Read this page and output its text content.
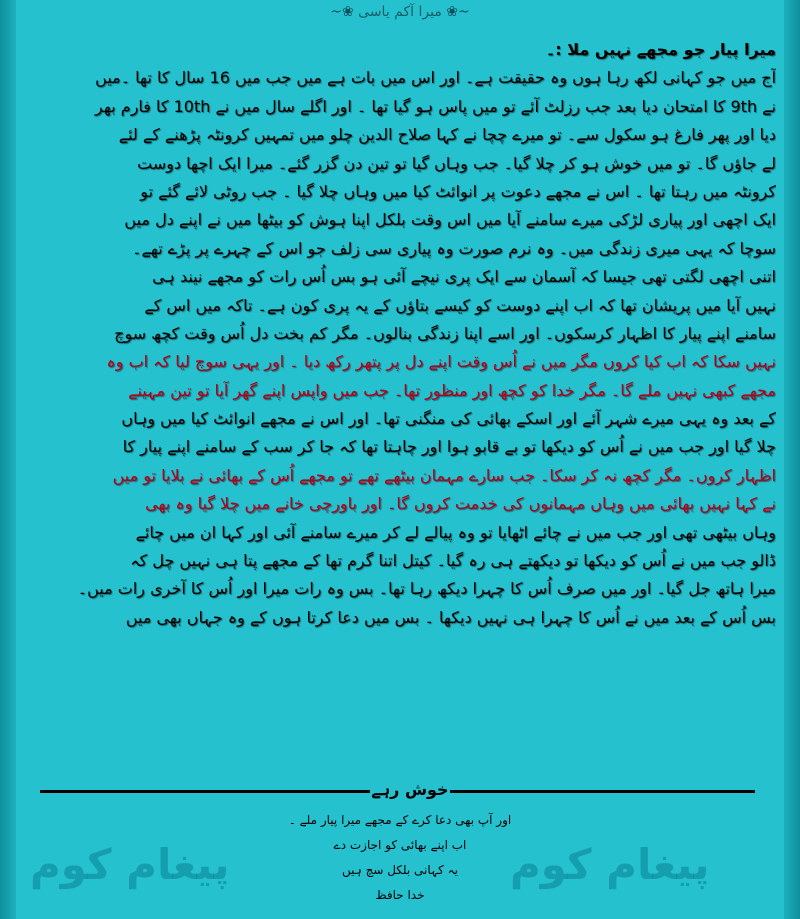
پیغام کوم	پیغام کوم
~❀ میرا آکم یاسی ❀~
میرا پیار جو مجھے نہیں ملا :۔
آج میں جو کہانی لکھ رہا ہوں وہ حقیقت ہے۔ اور اس میں بات ہے میں جب میں 16 سال کا تھا ۔میں
نے 9th کا امتحان دیا بعد جب رزلٹ آئے تو میں پاس ہو گیا تھا ۔ اور اگلے سال میں نے 10th کا فارم بھر
دیا اور پھر فارغ ہو سکول سے۔ تو میرے چچا نے کہا صلاح الدین چلو میں تمہیں کرونٹہ پڑھنے کے لئے
لے جاؤں گا۔ تو میں خوش ہو کر چلا گیا۔ جب وہاں گیا تو تین دن گزر گئے۔ میرا ایک اچھا دوست
کرونٹہ میں رہتا تھا ۔ اس نے مجھے دعوت پر انوائٹ کیا میں وہاں چلا گیا ۔ جب روٹی لائے گئے تو
ایک اچھی اور پیاری لڑکی میرے سامنے آیا میں اس وقت بلکل اپنا ہوش کو بیٹھا میں نے اپنے دل میں
سوچا کہ یہی میری زندگی میں۔ وہ نرم صورت وہ پیاری سی زلف جو اس کے چہرے پر پڑے تھے۔
اتنی اچھی لگتی تھی جیسا کہ آسمان سے ایک پری نیچے آئی ہو بس اُس رات کو مجھے نیند ہی
نہیں آیا میں پریشان تھا کہ اب اپنے دوست کو کیسے بتاؤں کے یہ پری کون ہے۔ تاکہ میں اس کے
سامنے اپنے پیار کا اظہار کرسکوں۔ اور اسے اپنا زندگی بنالوں۔ مگر کم بخت دل اُس وقت کچھ سوچ
نہیں سکا کہ اب کیا کروں مگر میں نے اُس وقت اپنے دل پر پتھر رکھ دیا ۔ اور یہی سوچ لیا کہ اب وہ
مجھے کبھی نہیں ملے گا۔ مگر خدا کو کچھ اور منظور تھا۔ جب میں واپس اپنے گھر آیا تو تین مہینے
کے بعد وہ یہی میرے شہر آئے اور اسکے بھائی کی منگنی تھا۔ اور اس نے مجھے انوائٹ کیا میں وہاں
چلا گیا اور جب میں نے اُس کو دیکھا تو بے قابو ہوا اور چاہتا تھا کہ جا کر سب کے سامنے اپنے پیار کا
اظہار کروں۔ مگر کچھ نہ کر سکا۔ جب سارے مہمان بیٹھے تھے تو مجھے اُس کے بھائی نے بلایا تو میں
نے کہا نہیں بھائی میں وہاں مہمانوں کی خدمت کروں گا۔ اور باورچی خانے میں چلا گیا وہ بھی
وہاں بیٹھی تھی اور جب میں نے چائے اٹھایا تو وہ پیالے لے کر میرے سامنے آئی اور کہا ان میں چائے
ڈالو جب میں نے اُس کو دیکھا تو دیکھتے ہی رہ گیا۔ کیتل اتنا گرم تھا کے مجھے پتا ہی نہیں چل کہ
میرا ہاتھ جل گیا۔ اور میں صرف اُس کا چہرا دیکھ رہا تھا۔ بس وہ رات میرا اور اُس کا آخری رات میں۔
بس اُس کے بعد میں نے اُس کا چہرا ہی نہیں دیکھا ۔ بس میں دعا کرتا ہوں کے وہ جہاں بھی میں
خوش رہے
اور آپ بھی دعا کرے کے مجھے میرا پیار ملے ۔
اب اپنے بھائی کو اجازت دے
یہ کہانی بلکل سچ ہیں
خدا حافظ
